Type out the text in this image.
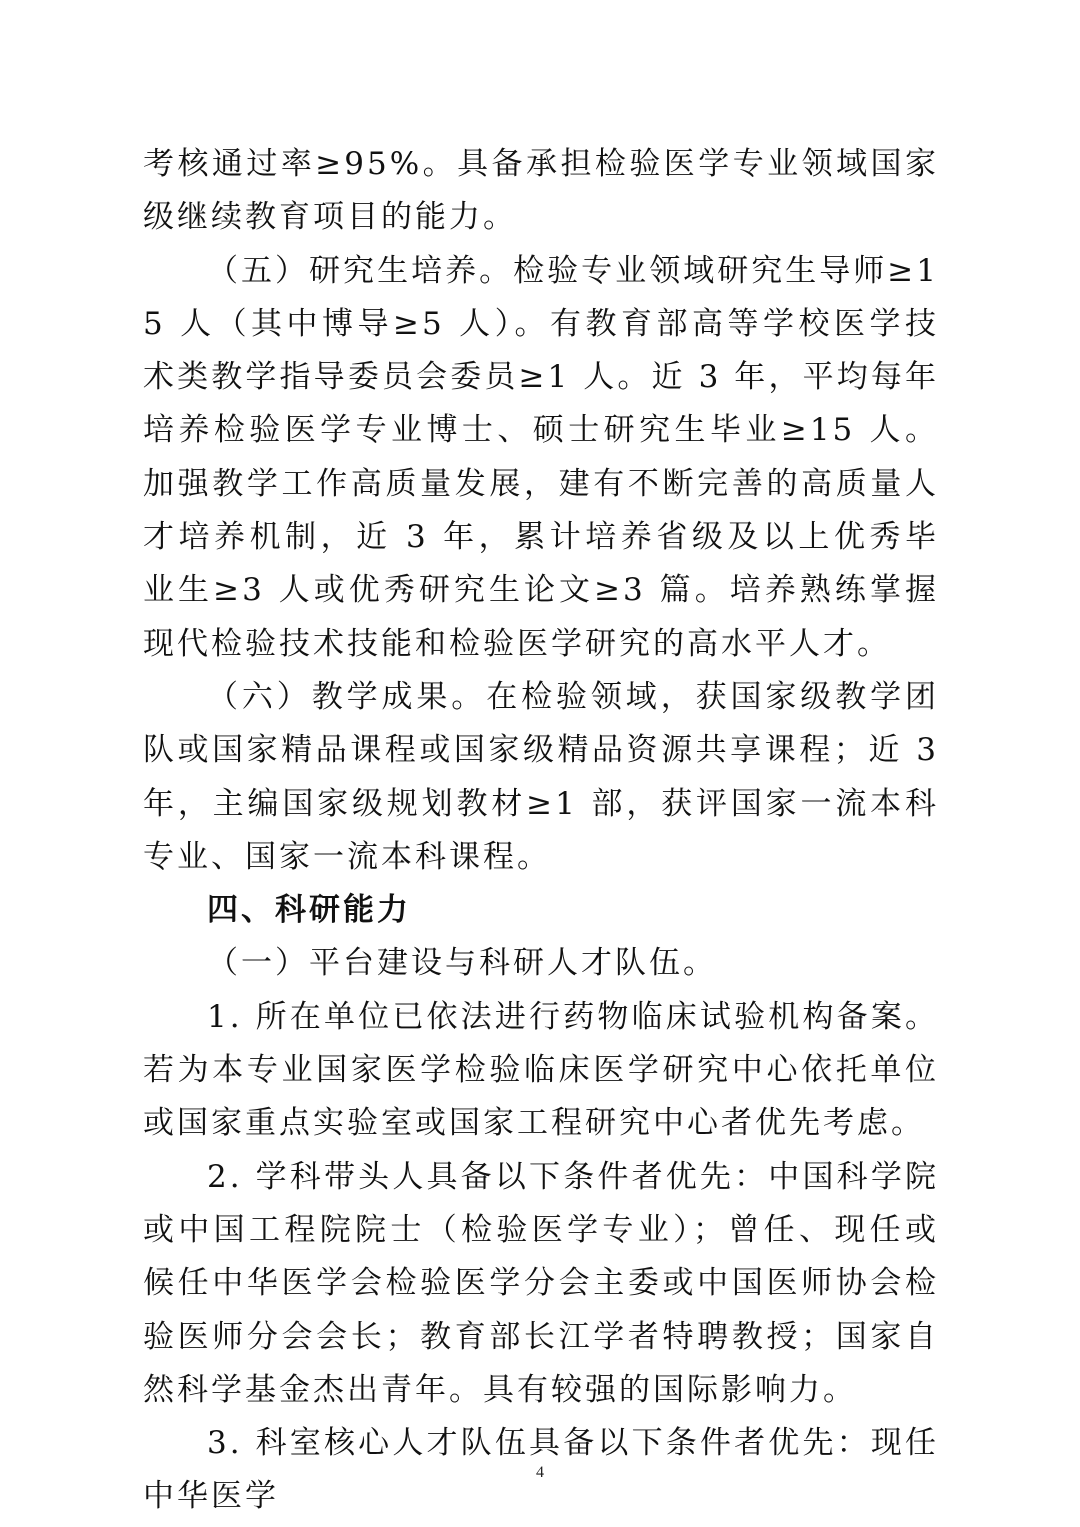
考核通过率≥95%。具备承担检验医学专业领域国家级继续教育项目的能力。

（五）研究生培养。检验专业领域研究生导师≥15 人（其中博导≥5 人）。有教育部高等学校医学技术类教学指导委员会委员≥1 人。近 3 年，平均每年培养检验医学专业博士、硕士研究生毕业≥15 人。加强教学工作高质量发展，建有不断完善的高质量人才培养机制，近 3 年，累计培养省级及以上优秀毕业生≥3 人或优秀研究生论文≥3 篇。培养熟练掌握现代检验技术技能和检验医学研究的高水平人才。

（六）教学成果。在检验领域，获国家级教学团队或国家精品课程或国家级精品资源共享课程；近 3 年，主编国家级规划教材≥1 部，获评国家一流本科专业、国家一流本科课程。

四、科研能力

（一）平台建设与科研人才队伍。

1. 所在单位已依法进行药物临床试验机构备案。若为本专业国家医学检验临床医学研究中心依托单位或国家重点实验室或国家工程研究中心者优先考虑。

2. 学科带头人具备以下条件者优先：中国科学院或中国工程院院士（检验医学专业）；曾任、现任或候任中华医学会检验医学分会主委或中国医师协会检验医师分会会长；教育部长江学者特聘教授；国家自然科学基金杰出青年。具有较强的国际影响力。

3. 科室核心人才队伍具备以下条件者优先：现任中华医学

4
